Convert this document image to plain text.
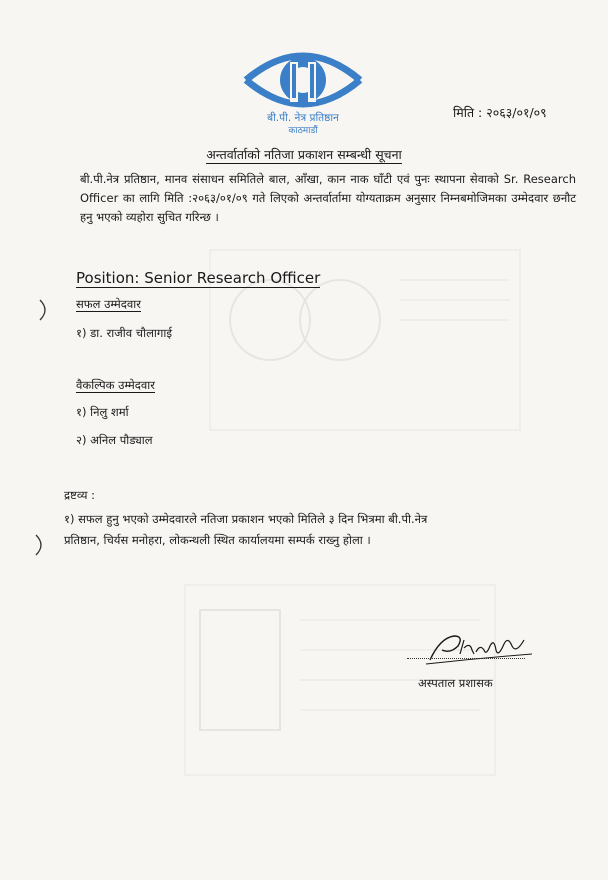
बी.पी. नेत्र प्रतिष्ठान
काठमाडौं
मिति : २०६३/०१/०९
अन्तर्वार्ताको नतिजा प्रकाशन सम्बन्धी सूचना
बी.पी.नेत्र प्रतिष्ठान, मानव संसाधन समितिले बाल, आँखा, कान नाक घाँटी एवं पुनः स्थापना सेवाको Sr. Research Officer का लागि मिति :२०६३/०१/०९ गते लिएको अन्तर्वार्तामा योग्यताक्रम अनुसार निम्नबमोजिमका उम्मेदवार छनौट हनु भएको व्यहोरा सुचित गरिन्छ ।
Position: Senior Research Officer
सफल उम्मेदवार
१) डा. राजीव चौलागाई
वैकल्पिक उम्मेदवार
१) निलु शर्मा
२) अनिल पौड्याल
द्रष्टव्य :
१) सफल हुनु भएको उम्मेदवारले नतिजा प्रकाशन भएको मितिले ३ दिन भित्रमा बी.पी.नेत्र प्रतिष्ठान, चिर्यस मनोहरा, लोकन्थली स्थित कार्यालयमा सम्पर्क राख्नु होला ।
अस्पताल प्रशासक
